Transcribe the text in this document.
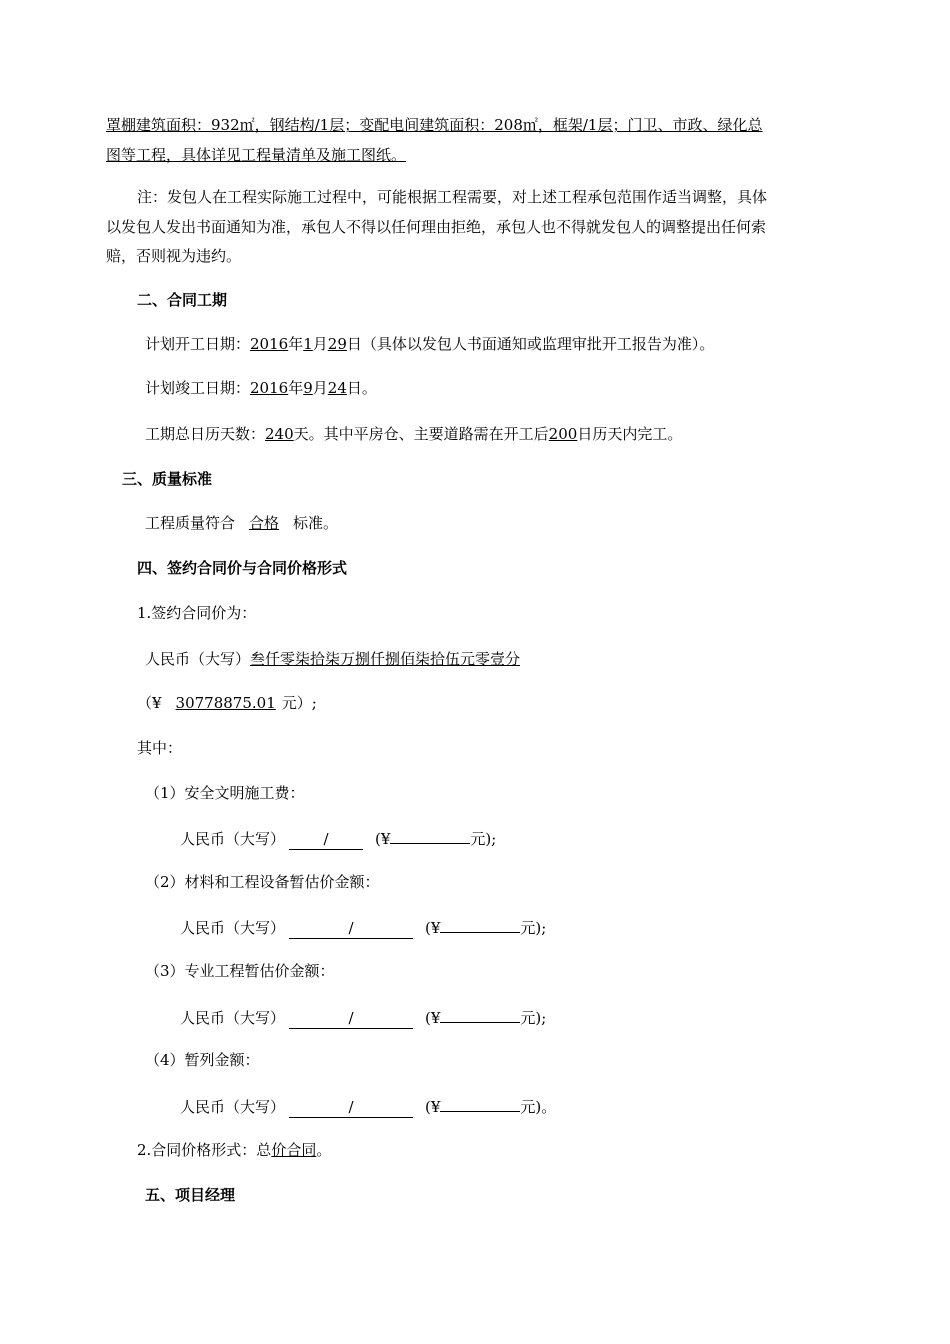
罩棚建筑面积：932㎡，钢结构/1层；变配电间建筑面积：208㎡，框架/1层；门卫、市政、绿化总
图等工程，具体详见工程量清单及施工图纸。
注：发包人在工程实际施工过程中，可能根据工程需要，对上述工程承包范围作适当调整，具体
以发包人发出书面通知为准，承包人不得以任何理由拒绝，承包人也不得就发包人的调整提出任何索
赔，否则视为违约。
二、合同工期
计划开工日期：2016年1月29日（具体以发包人书面通知或监理审批开工报告为准）。
计划竣工日期：2016年9月24日。
工期总日历天数：240天。其中平房仓、主要道路需在开工后200日历天内完工。
三、质量标准
工程质量符合 合格 标准。
四、签约合同价与合同价格形式
1.签约合同价为：
人民币（大写）叁仟零柒拾柒万捌仟捌佰柒拾伍元零壹分
（¥ 30778875.01 元）;
其中：
（1）安全文明施工费：
人民币（大写）	/	(¥	元);
（2）材料和工程设备暂估价金额：
人民币（大写）	/	(¥	元);
（3）专业工程暂估价金额：
人民币（大写）	/	(¥	元);
（4）暂列金额：
人民币（大写）	/	(¥	元)。
2.合同价格形式：总价合同。
五、项目经理
